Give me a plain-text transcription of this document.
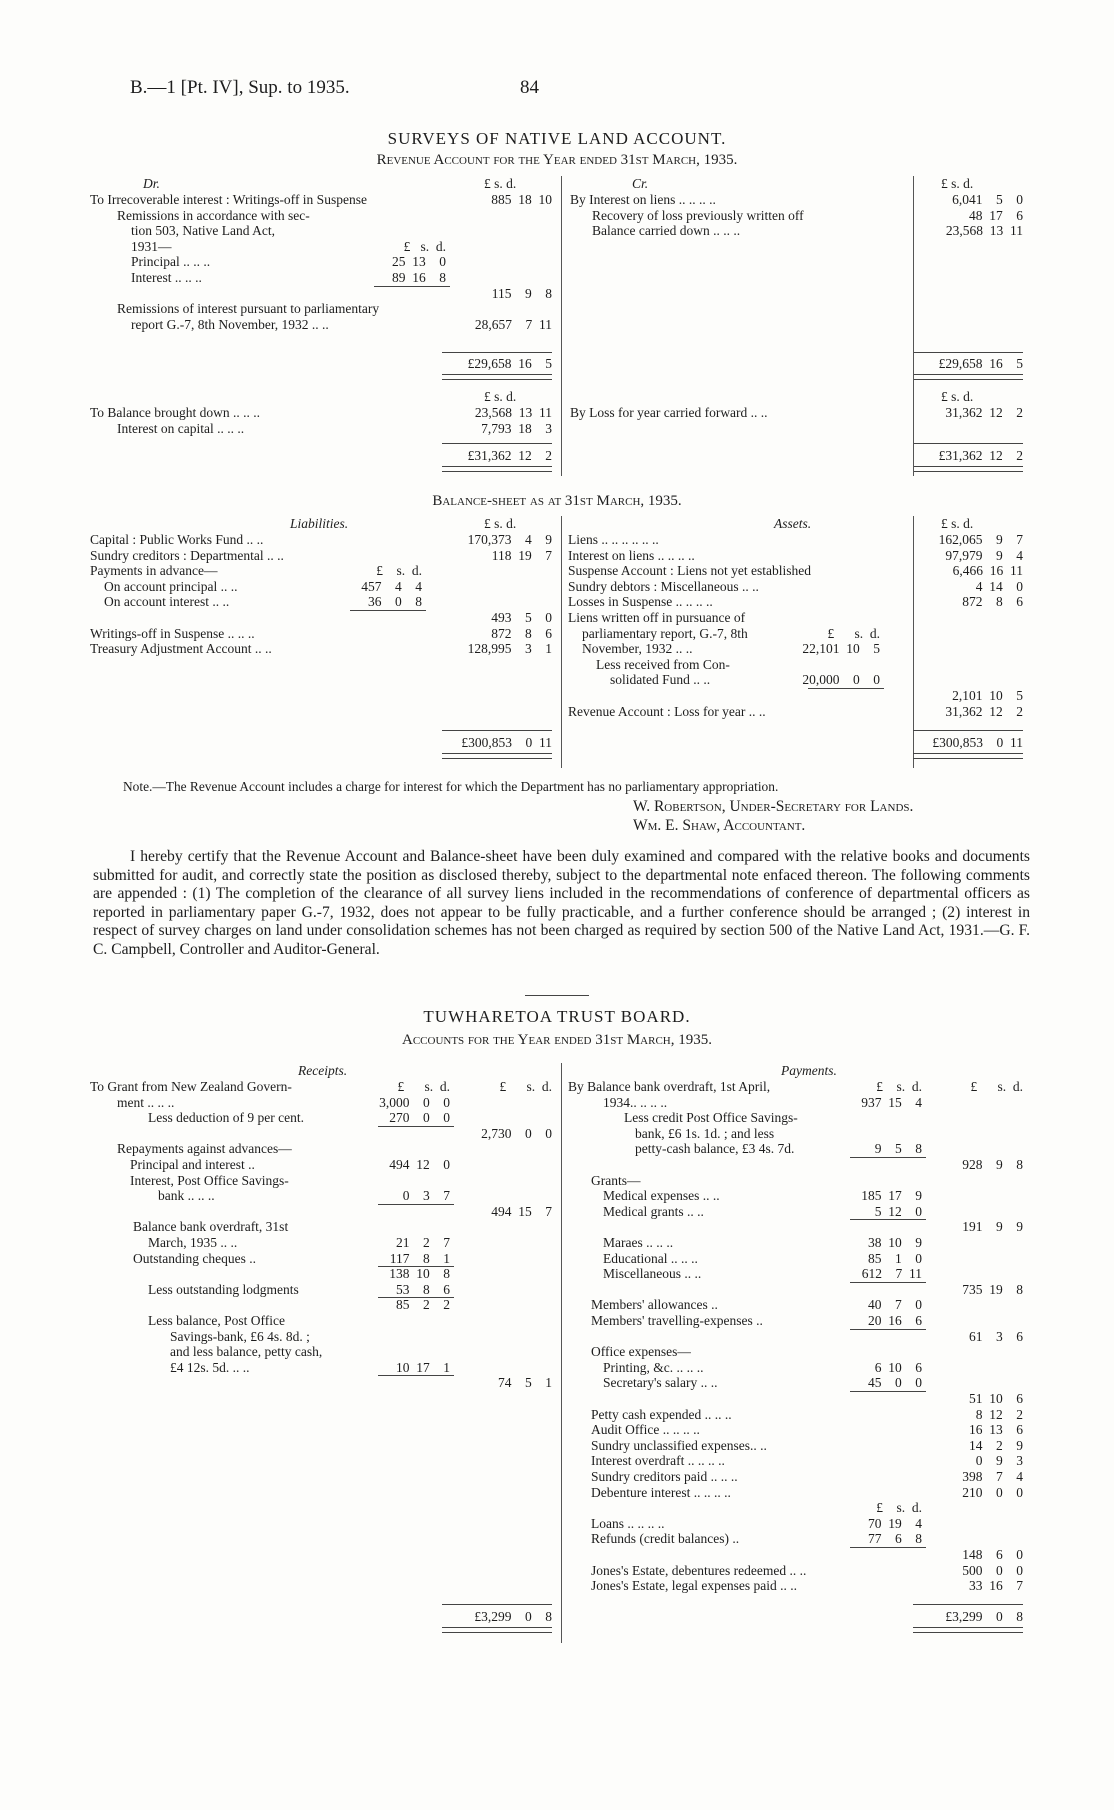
B.—1 [Pt. IV], Sup. to 1935.	84
SURVEYS OF NATIVE LAND ACCOUNT.
Revenue Account for the Year ended 31st March, 1935.
Dr.	£ s. d.	Cr.	£ s. d.
To Irrecoverable interest : Writings-off in Suspense	885  18  10
Remissions in accordance with sec-
tion 503, Native Land Act,
1931—	£   s.  d.
Principal .. .. ..	25  13    0
Interest .. .. ..	89  16    8
115    9    8
Remissions of interest pursuant to parliamentary
report G.-7, 8th November, 1932 .. ..	28,657    7  11
By Interest on liens .. .. .. ..	6,041    5    0
Recovery of loss previously written off	48  17    6
Balance carried down .. .. ..	23,568  13  11
£29,658  16    5	£29,658  16    5
£ s. d.	£ s. d.
To Balance brought down .. .. ..	23,568  13  11
Interest on capital .. .. ..	7,793  18    3
By Loss for year carried forward .. ..	31,362  12    2
£31,362  12    2	£31,362  12    2
Balance-sheet as at 31st March, 1935.
Liabilities.	£ s. d.	Assets.	£ s. d.
Capital : Public Works Fund .. ..	170,373    4    9
Sundry creditors : Departmental .. ..	118  19    7
Payments in advance—	£    s.  d.
On account principal .. ..	457    4    4
On account interest .. ..	36    0    8
493    5    0
Writings-off in Suspense .. .. ..	872    8    6
Treasury Adjustment Account .. ..	128,995    3    1
Liens .. .. .. .. .. ..	162,065    9    7
Interest on liens .. .. .. ..	97,979    9    4
Suspense Account : Liens not yet established	6,466  16  11
Sundry debtors : Miscellaneous .. ..	4  14    0
Losses in Suspense .. .. .. ..	872    8    6
Liens written off in pursuance of
parliamentary report, G.-7, 8th	£      s.  d.
November, 1932 .. ..	22,101  10    5
Less received from Con-
solidated Fund .. ..	20,000    0    0
2,101  10    5
Revenue Account : Loss for year .. ..	31,362  12    2
£300,853    0  11	£300,853    0  11
Note.—The Revenue Account includes a charge for interest for which the Department has no parliamentary appropriation.
W. Robertson, Under-Secretary for Lands.
Wm. E. Shaw, Accountant.
I hereby certify that the Revenue Account and Balance-sheet have been duly examined and compared with the relative books and documents submitted for audit, and correctly state the position as disclosed thereby, subject to the departmental note enfaced thereon. The following comments are appended : (1) The completion of the clearance of all survey liens included in the recommendations of conference of departmental officers as reported in parliamentary paper G.-7, 1932, does not appear to be fully practicable, and a further conference should be arranged ; (2) interest in respect of survey charges on land under consolidation schemes has not been charged as required by section 500 of the Native Land Act, 1931.—G. F. C. Campbell, Controller and Auditor-General.
TUWHARETOA TRUST BOARD.
Accounts for the Year ended 31st March, 1935.
Receipts.	Payments.
To Grant from New Zealand Govern-	£      s.  d.	£      s.  d.
ment .. .. ..	3,000    0    0
Less deduction of 9 per cent.	270    0    0
2,730    0    0
Repayments against advances—
Principal and interest ..	494  12    0
Interest, Post Office Savings-
bank .. .. ..	0    3    7
494  15    7
Balance bank overdraft, 31st
March, 1935 .. ..	21    2    7
Outstanding cheques ..	117    8    1
138  10    8
Less outstanding lodgments	53    8    6
85    2    2
Less balance, Post Office
Savings-bank, £6 4s. 8d. ;
and less balance, petty cash,
£4 12s. 5d. .. ..	10  17    1
74    5    1
By Balance bank overdraft, 1st April,	£    s.  d.	£      s.  d.
1934.. .. .. ..	937  15    4
Less credit Post Office Savings-
bank, £6 1s. 1d. ; and less
petty-cash balance, £3 4s. 7d.	9    5    8
928    9    8
Grants—
Medical expenses .. ..	185  17    9
Medical grants .. ..	5  12    0
191    9    9
Maraes .. .. ..	38  10    9
Educational .. .. ..	85    1    0
Miscellaneous .. ..	612    7  11
735  19    8
Members' allowances ..	40    7    0
Members' travelling-expenses ..	20  16    6
61    3    6
Office expenses—
Printing, &c. .. .. ..	6  10    6
Secretary's salary .. ..	45    0    0
51  10    6
Petty cash expended .. .. ..	8  12    2
Audit Office .. .. .. ..	16  13    6
Sundry unclassified expenses.. ..	14    2    9
Interest overdraft .. .. .. ..	0    9    3
Sundry creditors paid .. .. ..	398    7    4
Debenture interest .. .. .. ..	210    0    0
£    s.  d.
Loans .. .. .. ..	70  19    4
Refunds (credit balances) ..	77    6    8
148    6    0
Jones's Estate, debentures redeemed .. ..	500    0    0
Jones's Estate, legal expenses paid .. ..	33  16    7
£3,299    0    8	£3,299    0    8
